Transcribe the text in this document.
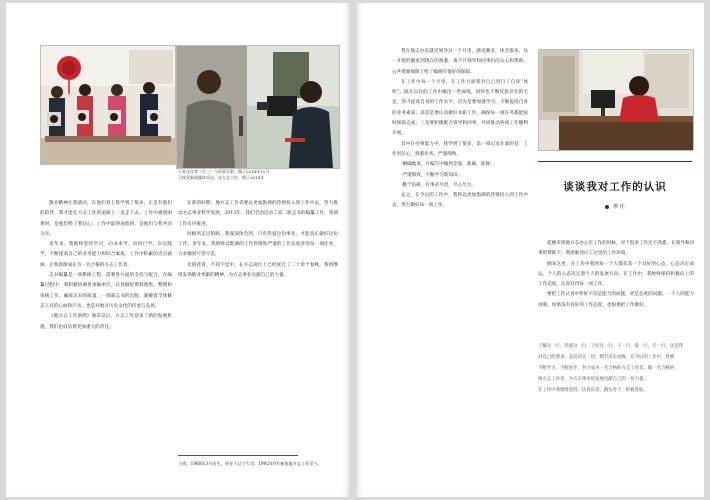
①本文作者（左三）与同事合影，摄于2014年11月
②接受新闻媒体采访，谈方志工作，摄于2014年

敬业精神让我感动，在他们身上我学到了很多。正是有他们的陪伴，我才能在方志工作的道路上一直走下去。工作中遇到困难时，是他们给了我信心；工作中取得成绩时，是他们与我共同分享。

多年来，我始终坚持学习，向书本学，向同行学，向实践学，不断提高自己的业务能力和综合素质。工作中积累的点点滴滴，让我逐渐成长为一名合格的方志工作者。

志书编纂是一项系统工程，需要各方面的支持与配合。在编纂过程中，我积极协调各承编单位，认真做好资料收集、整理和审核工作，确保志书的质量。一部部志书的出版，凝聚着全体修志人员的心血和汗水，也是对地方历史文化的传承与弘扬。

《地方志工作条例》颁布以后，方志工作迎来了新的发展机遇，我们也肩负着更加重大的责任。

在新的时期，地方志工作者要以更加饱满的热情投入到工作中去，努力推动方志事业科学发展。2013年，我们全面启动了第二轮志书的编纂工作，各项工作有序推进。

回顾所走过的路，我深深体会到，只有热爱这份事业，才能真正做好这份工作。多年来，我始终以饱满的工作热情和严谨的工作态度对待每一项任务，力求做到尽善尽美。

光阴荏苒，不知不觉中，在方志岗位上已经度过了二十余个春秋。我将继续发扬敬业奉献的精神，为方志事业贡献自己的力量。

王欣，1968年3月出生，毕业于辽宁大学。1992年9月参加地方志工作至今。

我在地志办室就近领导这一个月里，感受颇多，体会很多。从一开始的紧张到现在的熟悉，离不开领导和同事们的关心和帮助。公共资源保障上给了编修有很好的保障。

在工作中每一个月里，在工作方面我对自己进行了自身“体检”。既在以往的工作中做出一些成绩，同时也不断反思存在的不足，努力提高自身的工作水平。首先是要加强学习，不断提高自身的业务素质；其次是要认真做好本职工作，确保每一项任务都能按时保质完成；三是要积极配合领导和同事，共同推动各项工作顺利开展。

其中在办事能力中，我学到了很多，第一项记录在案的是：工作责任心、熟悉业务、严谨细致。

·精确地说，在编写中做到全面、准确、客观；

·严谨细致，不断学习新知识；

·勤于钻研，有事必尽责，尽心尽力。

总之，在今后的工作中，我将以更加饱满的热情投入到工作中去，努力做好每一项工作。

谈谈我对工作的认识
廖 佳

起刚来到地方志办公室工作的时候，对于很多工作还不熟悉，在领导和同事的帮助下，我逐渐适应了这里的工作环境。

刚来这里，在工作中我到每一个人都有其一个良好的心态，心态决定命运，个人的心态决定着个人的发展方向。在工作中，我始终保持积极向上的工作态度，认真对待每一项工作。

要把工作认真中作好不仅是能力的问题，更是态度的问题。一个人的能力再强，如果没有良好的工作态度，也很难把工作做好。

了解这一行，热爱这一行，干好这一行。干一行，爱一行，专一行，这是我
对自己的要求。态度决定一切，细节决定成败，在今后的工作中，我要
不断学习，不断进步，努力成为一名合格的方志工作者。做一名合格的
地方志工作者，为方志事业的发展贡献自己的一份力量。
在工作中我始终坚持：认真负责，踏实肯干，积极进取。
